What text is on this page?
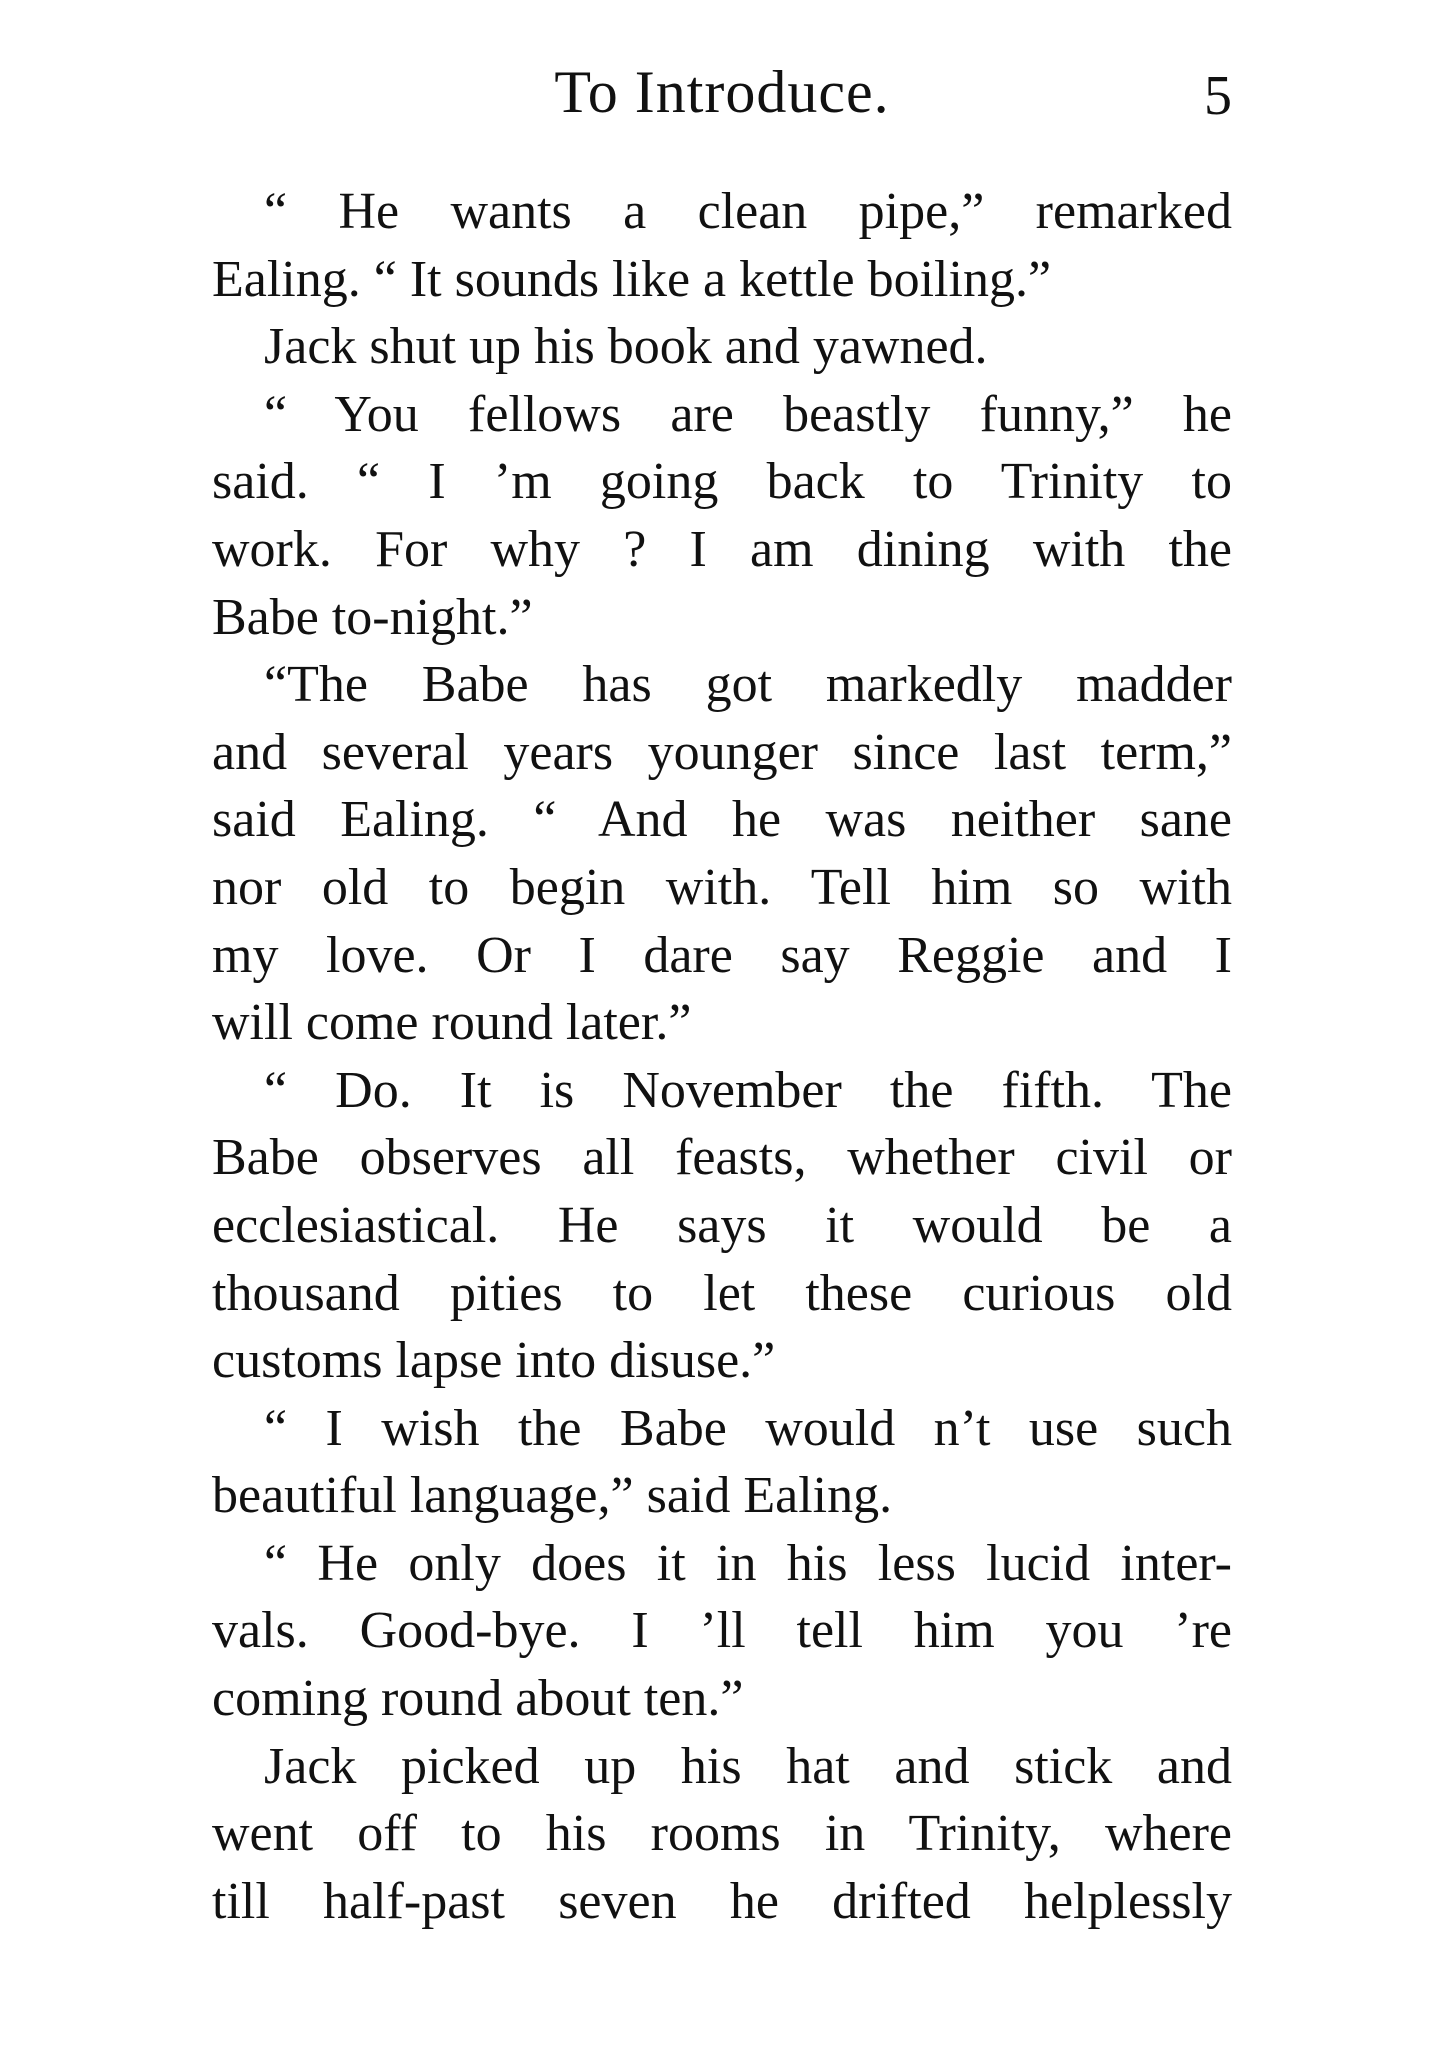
To Introduce.	5
“ He wants a clean pipe,” remarked
Ealing. “ It sounds like a kettle boiling.”
Jack shut up his book and yawned.
“ You fellows are beastly funny,” he
said. “ I ’m going back to Trinity to
work. For why ? I am dining with the
Babe to-night.”
“The Babe has got markedly madder
and several years younger since last term,”
said Ealing. “ And he was neither sane
nor old to begin with. Tell him so with
my love. Or I dare say Reggie and I
will come round later.”
“ Do. It is November the fifth. The
Babe observes all feasts, whether civil or
ecclesiastical. He says it would be a
thousand pities to let these curious old
customs lapse into disuse.”
“ I wish the Babe would n’t use such
beautiful language,” said Ealing.
“ He only does it in his less lucid inter-
vals. Good-bye. I ’ll tell him you ’re
coming round about ten.”
Jack picked up his hat and stick and
went off to his rooms in Trinity, where
till half-past seven he drifted helplessly
